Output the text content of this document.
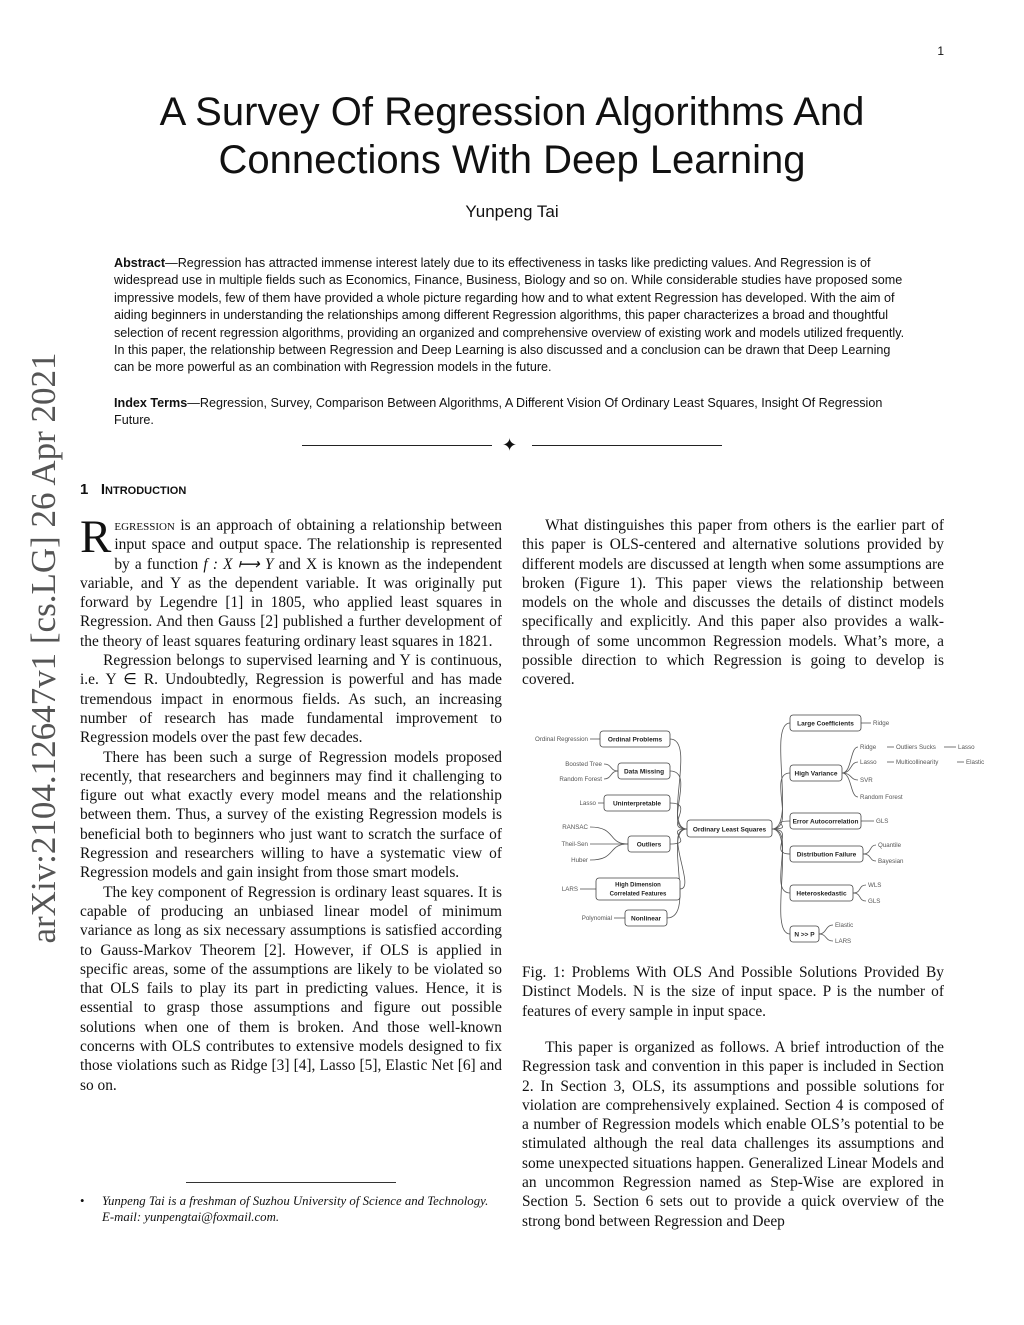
1
A Survey Of Regression Algorithms And
Connections With Deep Learning
Yunpeng Tai

Abstract—Regression has attracted immense interest lately due to its effectiveness in tasks like predicting values. And Regression is of widespread use in multiple fields such as Economics, Finance, Business, Biology and so on. While considerable studies have proposed some impressive models, few of them have provided a whole picture regarding how and to what extent Regression has developed. With the aim of aiding beginners in understanding the relationships among different Regression algorithms, this paper characterizes a broad and thoughtful selection of recent regression algorithms, providing an organized and comprehensive overview of existing work and models utilized frequently. In this paper, the relationship between Regression and Deep Learning is also discussed and a conclusion can be drawn that Deep Learning can be more powerful as an combination with Regression models in the future.

Index Terms—Regression, Survey, Comparison Between Algorithms, A Different Vision Of Ordinary Least Squares, Insight Of Regression Future.

✦
arXiv:2104.12647v1 [cs.LG] 26 Apr 2021 1 Introduction

Regression is an approach of obtaining a relationship between input space and output space. The relationship is represented by a function f : X ⟼ Y and X is known as the independent variable, and Y as the dependent variable. It was originally put forward by Legendre [1] in 1805, who applied least squares in Regression. And then Gauss [2] published a further development of the theory of least squares featuring ordinary least squares in 1821.

Regression belongs to supervised learning and Y is continuous, i.e. Y ∈ R. Undoubtedly, Regression is powerful and has made tremendous impact in enormous fields. As such, an increasing number of research has made fundamental improvement to Regression models over the past few decades.

There has been such a surge of Regression models proposed recently, that researchers and beginners may find it challenging to figure out what exactly every model means and the relationship between them. Thus, a survey of the existing Regression models is beneficial both to beginners who just want to scratch the surface of Regression and researchers willing to have a systematic view of Regression models and gain insight from those smart models.

The key component of Regression is ordinary least squares. It is capable of producing an unbiased linear model of minimum variance as long as six necessary assumptions is satisfied according to Gauss-Markov Theorem [2]. However, if OLS is applied in specific areas, some of the assumptions are likely to be violated so that OLS fails to play its part in predicting values. Hence, it is essential to grasp those assumptions and figure out possible solutions when one of them is broken. And those well-known concerns with OLS contributes to extensive models designed to fix those violations such as Ridge [3] [4], Lasso [5], Elastic Net [6] and so on.

• Yunpeng Tai is a freshman of Suzhou University of Science and Technology.
E-mail: yunpengtai@foxmail.com.

What distinguishes this paper from others is the earlier part of this paper is OLS-centered and alternative solutions provided by different models are discussed at length when some assumptions are broken (Figure 1). This paper views the relationship between models on the whole and discusses the details of distinct models specifically and explicitly. And this paper also provides a walk-through of some uncommon Regression models. What’s more, a possible direction to which Regression is going to develop is covered.

Ordinary Least Squares
Ordinal Problems
Data Missing
Uninterpretable
Outliers
High Dimension
Correlated Features
Nonlinear
Large Coefficients
High Variance
Error Autocorrelation
Distribution Failure
Heteroskedastic
N >> P
Ordinal Regression
Boosted Tree
Random Forest
Lasso
RANSAC
Theil-Sen
Huber
LARS
Polynomial
Ridge
Ridge
Lasso
SVR
Random Forest
Outliers Sucks
Multicollinearity
Lasso
Elastic
GLS
Quantile
Bayesian
WLS
GLS
Elastic
LARS
Fig. 1: Problems With OLS And Possible Solutions Provided By Distinct Models. N is the size of input space. P is the number of features of every sample in input space.

This paper is organized as follows. A brief introduction of the Regression task and convention in this paper is included in Section 2. In Section 3, OLS, its assumptions and possible solutions for violation are comprehensively explained. Section 4 is composed of a number of Regression models which enable OLS’s potential to be stimulated although the real data challenges its assumptions and some unexpected situations happen. Generalized Linear Models and an uncommon Regression named as Step-Wise are explored in Section 5. Section 6 sets out to provide a quick overview of the strong bond between Regression and Deep
